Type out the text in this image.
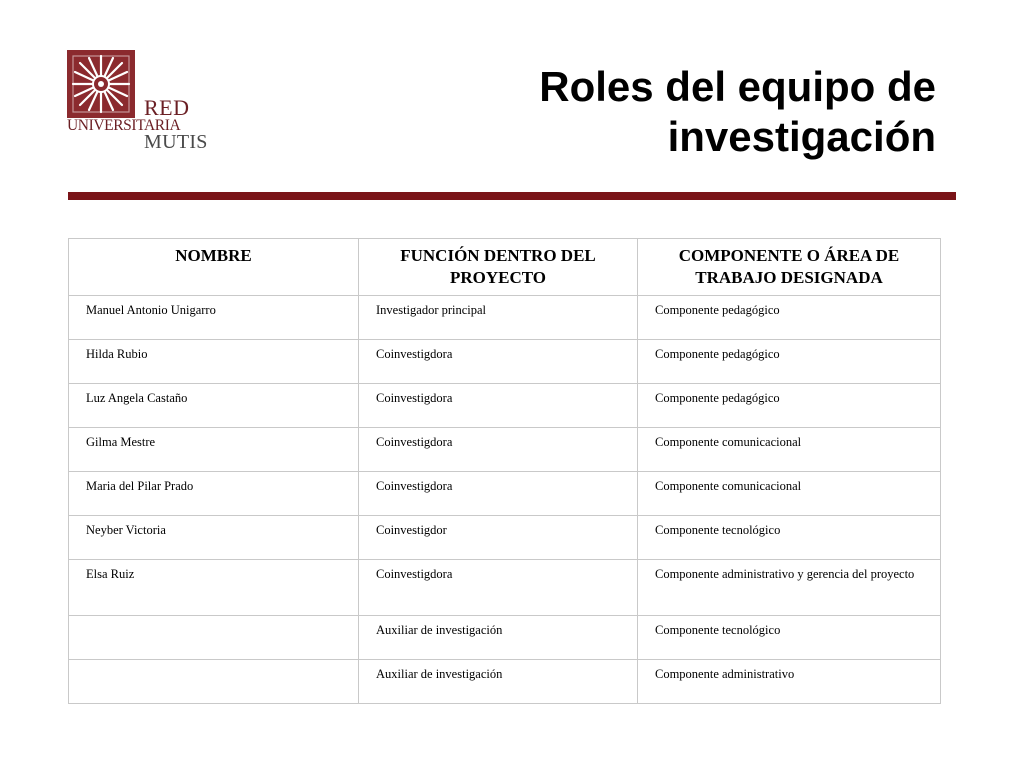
RED
UNIVERSITARIA
MUTIS
Roles del equipo de investigación
NOMBRE	FUNCIÓN DENTRO DEL PROYECTO	COMPONENTE O ÁREA DE TRABAJO DESIGNADA
Manuel Antonio Unigarro	Investigador principal	Componente pedagógico
Hilda Rubio	Coinvestigdora	Componente pedagógico
Luz Angela Castaño	Coinvestigdora	Componente pedagógico
Gilma Mestre	Coinvestigdora	Componente comunicacional
Maria del Pilar Prado	Coinvestigdora	Componente comunicacional
Neyber Victoria	Coinvestigdor	Componente tecnológico
Elsa Ruiz	Coinvestigdora	Componente administrativo y gerencia del proyecto
	Auxiliar de investigación	Componente tecnológico
	Auxiliar de investigación	Componente administrativo
